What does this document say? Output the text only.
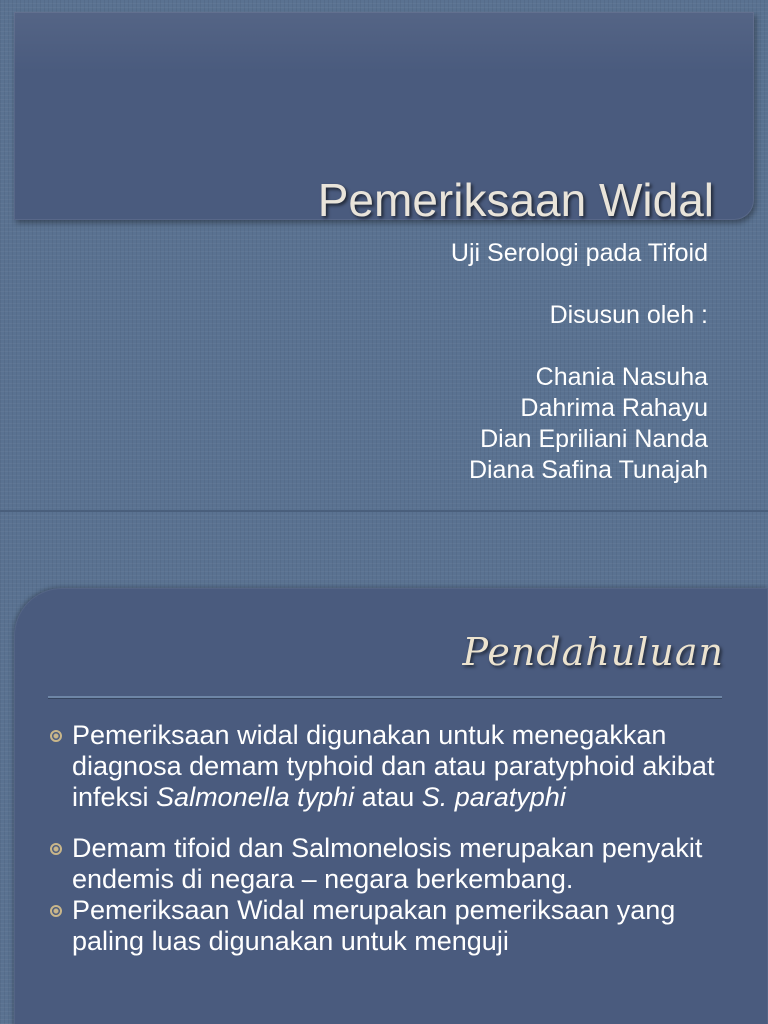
Pemeriksaan Widal
Uji Serologi pada Tifoid
Disusun oleh :
Chania Nasuha
Dahrima Rahayu
Dian Epriliani Nanda
Diana Safina Tunajah
Pendahuluan
Pemeriksaan widal digunakan untuk menegakkan diagnosa demam typhoid dan atau paratyphoid akibat infeksi Salmonella typhi atau S. paratyphi
Demam tifoid dan Salmonelosis merupakan penyakit endemis di negara – negara berkembang.
Pemeriksaan Widal merupakan pemeriksaan yang paling luas digunakan untuk menguji
